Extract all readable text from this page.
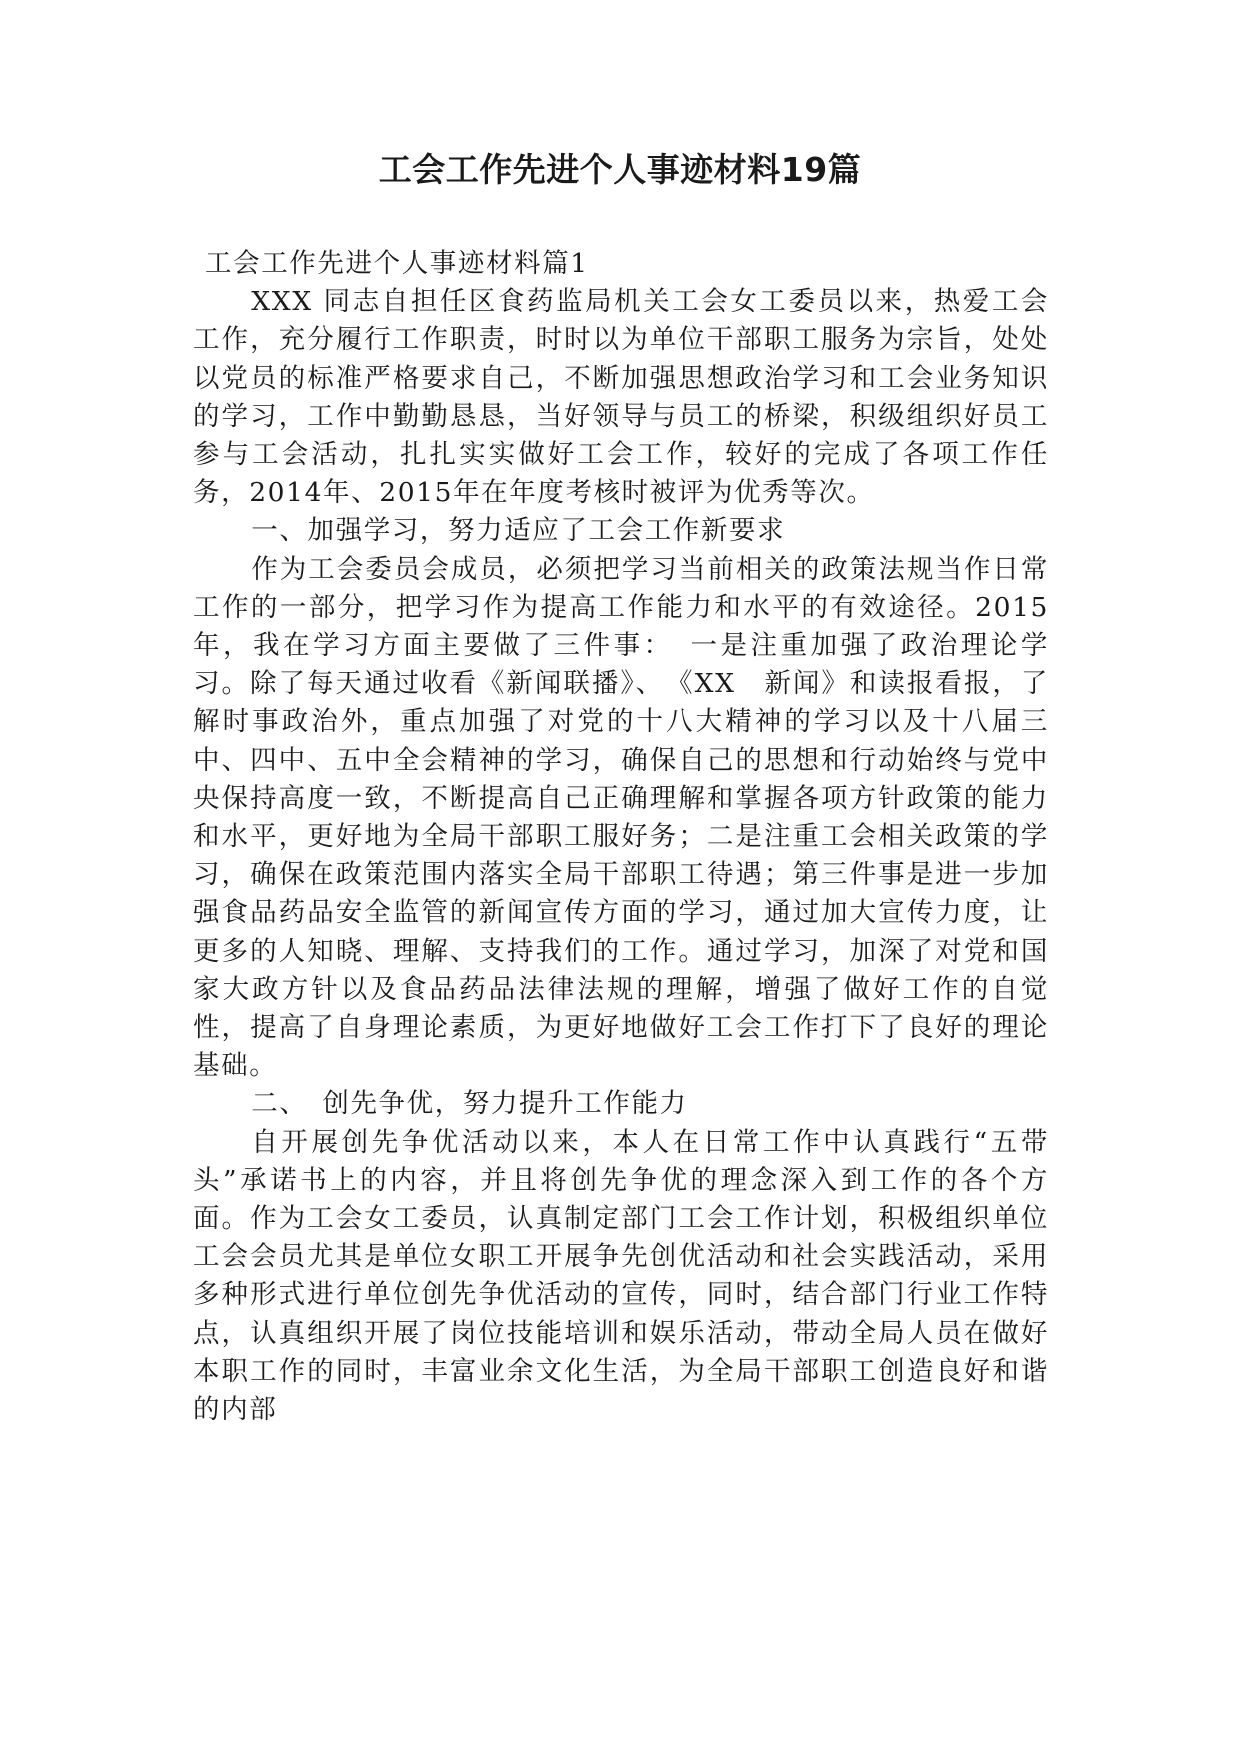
工会工作先进个人事迹材料19篇

工会工作先进个人事迹材料篇1

XXX 同志自担任区食药监局机关工会女工委员以来，热爱工会工作，充分履行工作职责，时时以为单位干部职工服务为宗旨，处处以党员的标准严格要求自己，不断加强思想政治学习和工会业务知识的学习，工作中勤勤恳恳，当好领导与员工的桥梁，积级组织好员工参与工会活动，扎扎实实做好工会工作，较好的完成了各项工作任务，2014年、2015年在年度考核时被评为优秀等次。

一、加强学习，努力适应了工会工作新要求

作为工会委员会成员，必须把学习当前相关的政策法规当作日常工作的一部分，把学习作为提高工作能力和水平的有效途径。2015年，我在学习方面主要做了三件事：　一是注重加强了政治理论学习。除了每天通过收看《新闻联播》、　《XX　新闻》和读报看报，了解时事政治外，重点加强了对党的十八大精神的学习以及十八届三中、四中、五中全会精神的学习，确保自己的思想和行动始终与党中央保持高度一致，不断提高自己正确理解和掌握各项方针政策的能力和水平，更好地为全局干部职工服好务；二是注重工会相关政策的学习，确保在政策范围内落实全局干部职工待遇；第三件事是进一步加强食品药品安全监管的新闻宣传方面的学习，通过加大宣传力度，让更多的人知晓、理解、支持我们的工作。通过学习，加深了对党和国家大政方针以及食品药品法律法规的理解，增强了做好工作的自觉性，提高了自身理论素质，为更好地做好工会工作打下了良好的理论基础。

二、　创先争优，努力提升工作能力

自开展创先争优活动以来，本人在日常工作中认真践行“五带头”承诺书上的内容，并且将创先争优的理念深入到工作的各个方面。作为工会女工委员，认真制定部门工会工作计划，积极组织单位工会会员尤其是单位女职工开展争先创优活动和社会实践活动，采用多种形式进行单位创先争优活动的宣传，同时，结合部门行业工作特点，认真组织开展了岗位技能培训和娱乐活动，带动全局人员在做好本职工作的同时，丰富业余文化生活，为全局干部职工创造良好和谐的内部
